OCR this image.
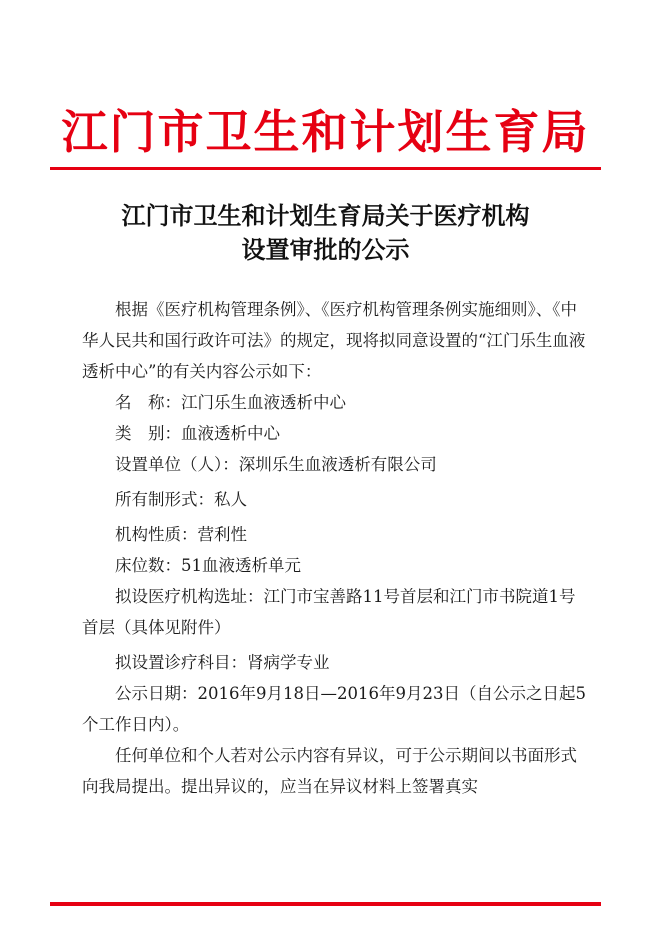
江门市卫生和计划生育局
江门市卫生和计划生育局关于医疗机构
设置审批的公示

根据《医疗机构管理条例》、《医疗机构管理条例实施细则》、《中华人民共和国行政许可法》的规定，现将拟同意设置的“江门乐生血液透析中心”的有关内容公示如下：

名　称：江门乐生血液透析中心

类　别：血液透析中心

设置单位（人）：深圳乐生血液透析有限公司

所有制形式：私人

机构性质：营利性

床位数：51血液透析单元

拟设医疗机构选址：江门市宝善路11号首层和江门市书院道1号首层（具体见附件）

拟设置诊疗科目：肾病学专业

公示日期：2016年9月18日—2016年9月23日（自公示之日起5个工作日内）。

任何单位和个人若对公示内容有异议，可于公示期间以书面形式向我局提出。提出异议的，应当在异议材料上签署真实
